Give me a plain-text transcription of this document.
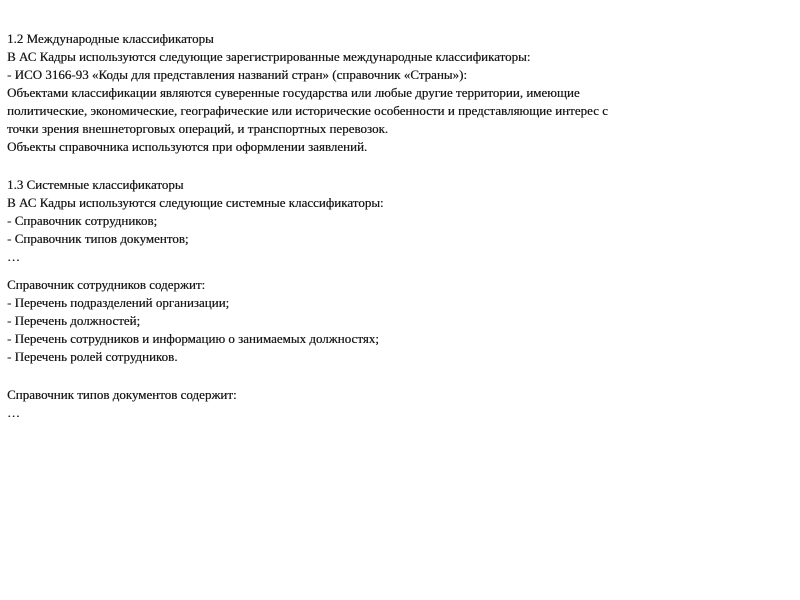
1.2 Международные классификаторы
В АС Кадры используются следующие зарегистрированные международные классификаторы:
- ИСО 3166-93 «Коды для представления названий стран» (справочник «Страны»):
Объектами классификации являются суверенные государства или любые другие территории, имеющие
политические, экономические, географические или исторические особенности и представляющие интерес с
точки зрения внешнеторговых операций, и транспортных перевозок.
Объекты справочника используются при оформлении заявлений.
1.3 Системные классификаторы
В АС Кадры используются следующие системные классификаторы:
- Справочник сотрудников;
- Справочник типов документов;
…
Справочник сотрудников содержит:
- Перечень подразделений организации;
- Перечень должностей;
- Перечень сотрудников и информацию о занимаемых должностях;
- Перечень ролей сотрудников.
Справочник типов документов содержит:
…
